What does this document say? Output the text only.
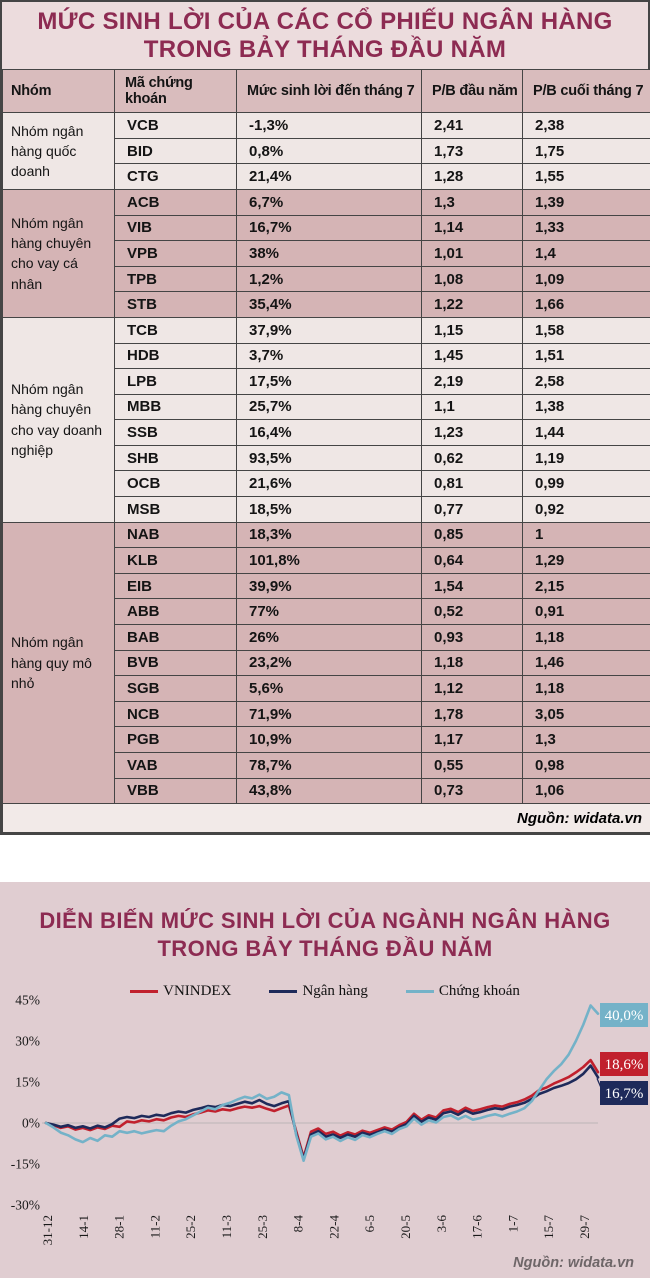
MỨC SINH LỜI CỦA CÁC CỔ PHIẾU NGÂN HÀNG
TRONG BẢY THÁNG ĐẦU NĂM
Nhóm	Mã chứng khoán	Mức sinh lời đến tháng 7	P/B đầu năm	P/B cuối tháng 7
Nhóm ngân hàng quốc doanh	VCB	-1,3%	2,41	2,38
	BID	0,8%	1,73	1,75
	CTG	21,4%	1,28	1,55
Nhóm ngân hàng chuyên cho vay cá nhân	ACB	6,7%	1,3	1,39
	VIB	16,7%	1,14	1,33
	VPB	38%	1,01	1,4
	TPB	1,2%	1,08	1,09
	STB	35,4%	1,22	1,66
Nhóm ngân hàng chuyên cho vay doanh nghiệp	TCB	37,9%	1,15	1,58
	HDB	3,7%	1,45	1,51
	LPB	17,5%	2,19	2,58
	MBB	25,7%	1,1	1,38
	SSB	16,4%	1,23	1,44
	SHB	93,5%	0,62	1,19
	OCB	21,6%	0,81	0,99
	MSB	18,5%	0,77	0,92
Nhóm ngân hàng quy mô nhỏ	NAB	18,3%	0,85	1
	KLB	101,8%	0,64	1,29
	EIB	39,9%	1,54	2,15
	ABB	77%	0,52	0,91
	BAB	26%	0,93	1,18
	BVB	23,2%	1,18	1,46
	SGB	5,6%	1,12	1,18
	NCB	71,9%	1,78	3,05
	PGB	10,9%	1,17	1,3
	VAB	78,7%	0,55	0,98
	VBB	43,8%	0,73	1,06
Nguồn: widata.vn				
DIỄN BIẾN MỨC SINH LỜI CỦA NGÀNH NGÂN HÀNG
TRONG BẢY THÁNG ĐẦU NĂM
VNINDEX	Ngân hàng	Chứng khoán
45%
30%
15%
0%
-15%
-30%
31-12 14-1 28-1 11-2 25-2 11-3 25-3 8-4 22-4 6-5 20-5 3-6 17-6 1-7 15-7 29-7
18,6%
16,7%
40,0%
Nguồn: widata.vn
